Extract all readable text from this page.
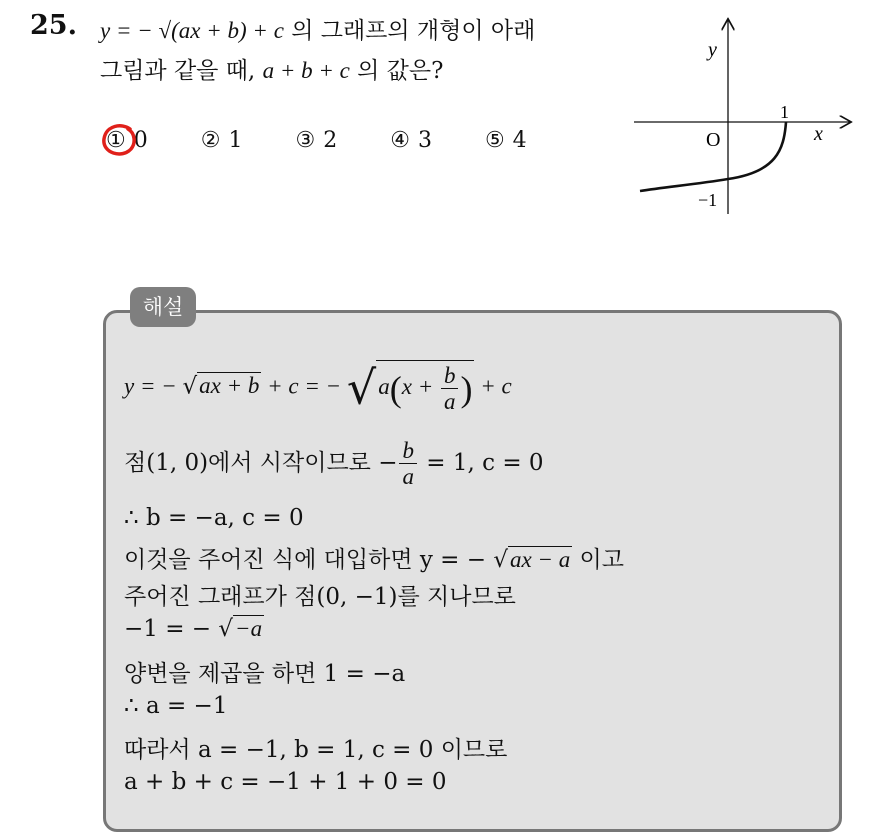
25. y = − √(ax + b) + c 의 그래프의 개형이 아래
그림과 같을 때, a + b + c 의 값은?
① 0 ② 1 ③ 2 ④ 3 ⑤ 4
y
x
O
1
−1
해설
y = − √ax + b + c = − $√a(x + \frac{b}{a}$ ) + c
점(1, 0)에서 시작이므로 − $\frac{b}{a} = 1$, c = 0
∴ b = −a, c = 0
이것을 주어진 식에 대입하면 y = − √ax − a 이고
주어진 그래프가 점(0, −1)를 지나므로
−1 = − √−a
양변을 제곱을 하면 1 = −a
∴ a = −1
따라서 a = −1, b = 1, c = 0 이므로
a + b + c = −1 + 1 + 0 = 0
